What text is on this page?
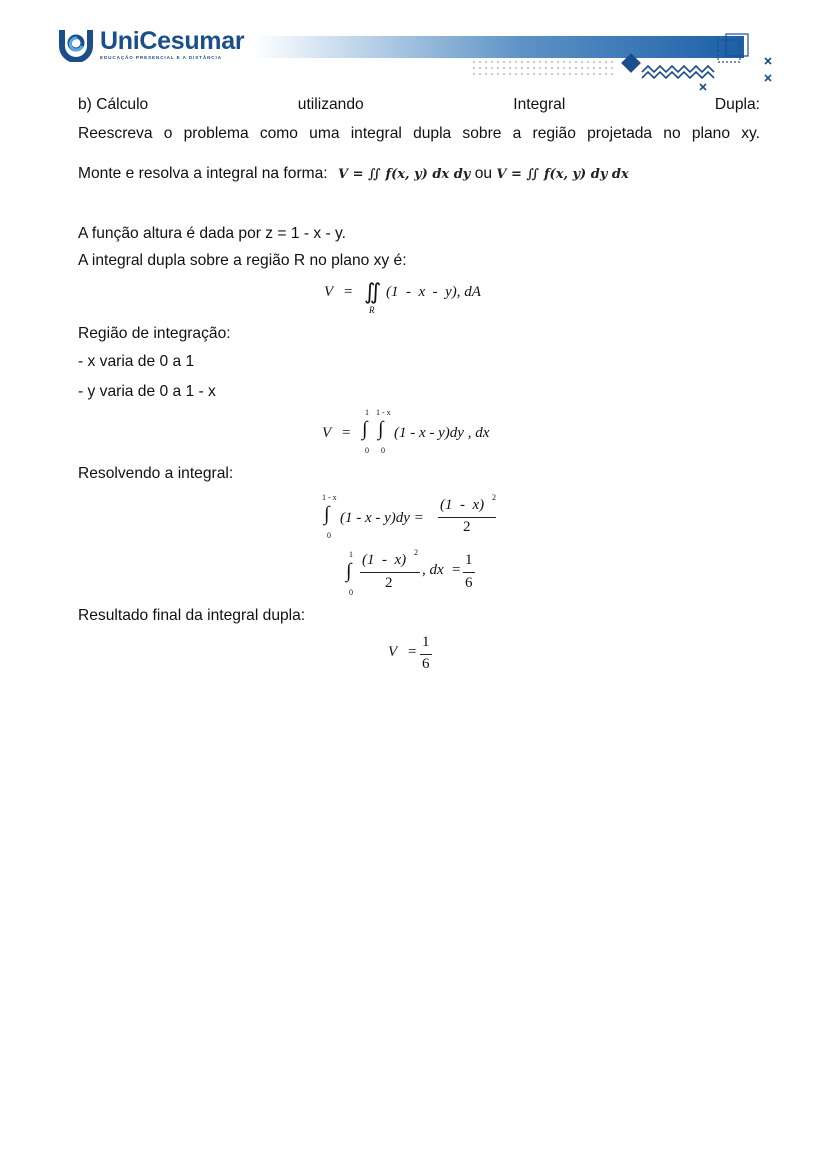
UniCesumar
EDUCAÇÃO PRESENCIAL E A DISTÂNCIA
b) Cálculo	utilizando	Integral	Dupla:
Reescreva o problema como uma integral dupla sobre a região projetada no plano xy.
Monte e resolva a integral na forma: V = ∬ f(x, y) dx dy ou V = ∬ f(x, y) dy dx
A função altura é dada por z = 1 - x - y.
A integral dupla sobre a região R no plano xy é:
Região de integração:
- x varia de 0 a 1
- y varia de 0 a 1 - x
Resolvendo a integral:
Resultado final da integral dupla:
V = ∬
R
(1  -  x  -  y), dA
V =
1
∫
0
1 - x
∫
0
(1 - x - y)dy , dx
1 - x
∫
0
(1 - x - y)dy =
(1  -  x) 2
2
1
∫
0
(1  -  x) 2
2
, dx =
1
6
V =
1
6
